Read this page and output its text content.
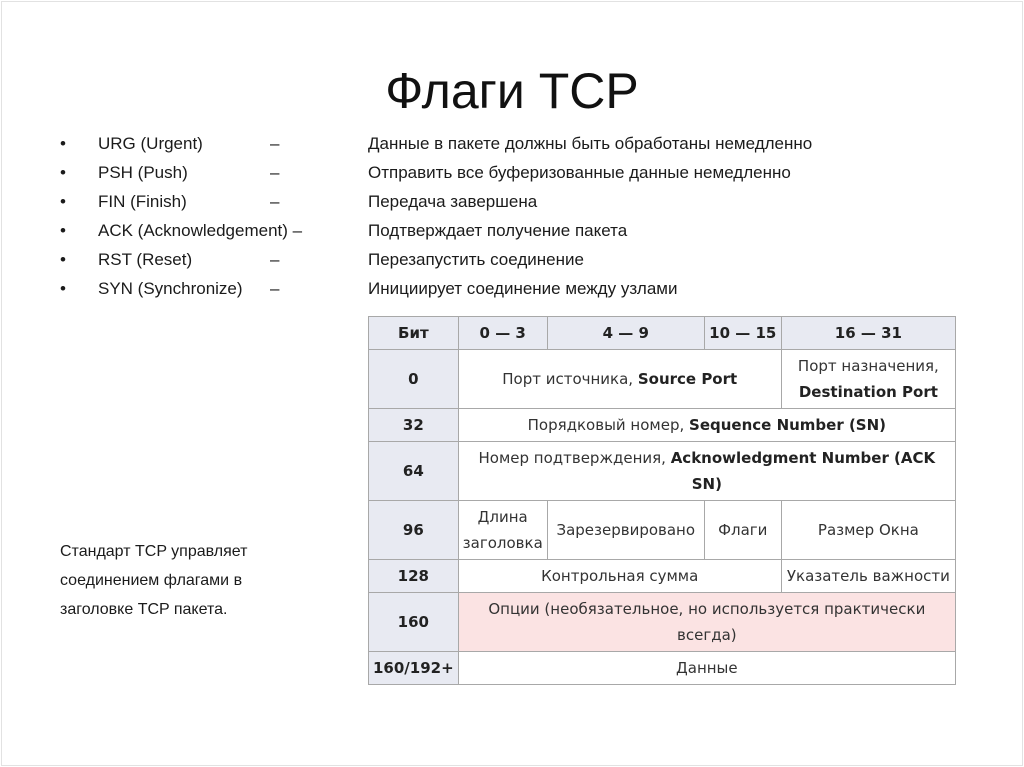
Флаги TCP
• URG (Urgent)	–	Данные в пакете должны быть обработаны немедленно
• PSH (Push)	–	Отправить все буферизованные данные немедленно
• FIN (Finish)	–	Передача завершена
• ACK (Acknowledgement) –	Подтверждает получение пакета
• RST (Reset)	–	Перезапустить соединение
• SYN (Synchronize) –	Инициирует соединение между узлами
Стандарт TCP управляет соединением флагами в заголовке TCP пакета.
Бит	0 — 3	4 — 9	10 — 15	16 — 31
0	Порт источника, Source Port			Порт назначения, Destination Port
32	Порядковый номер, Sequence Number (SN)			
64	Номер подтверждения, Acknowledgment Number (ACK SN)			
96	Длина заголовка	Зарезервировано	Флаги	Размер Окна
128	Контрольная сумма			Указатель важности
160	Опции (необязательное, но используется практически всегда)			
160/192+	Данные			
